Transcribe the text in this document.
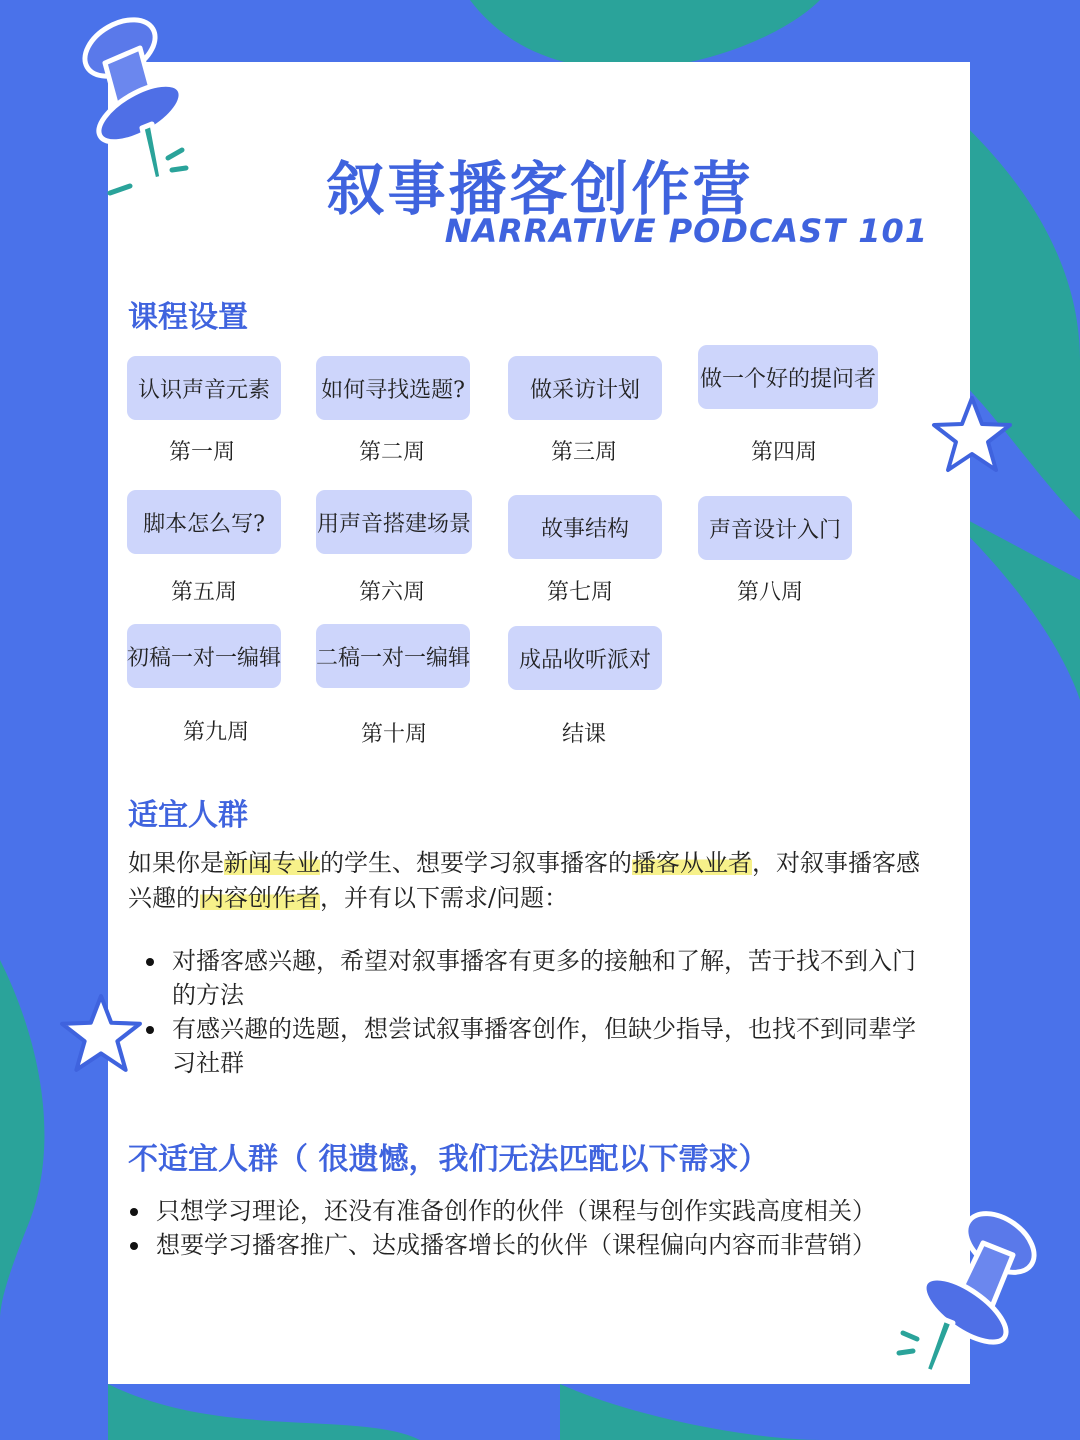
叙事播客创作营
NARRATIVE PODCAST 101
课程设置
认识声音元素
第一周
如何寻找选题?
第二周
做采访计划
第三周
做一个好的提问者
第四周
脚本怎么写?
第五周
用声音搭建场景
第六周
故事结构
第七周
声音设计入门
第八周
初稿一对一编辑
第九周
二稿一对一编辑
第十周
成品收听派对
结课
适宜人群
如果你是新闻专业的学生、想要学习叙事播客的播客从业者，对叙事播客感兴趣的内容创作者，并有以下需求/问题：
对播客感兴趣，希望对叙事播客有更多的接触和了解，苦于找不到入门的方法
有感兴趣的选题，想尝试叙事播客创作，但缺少指导，也找不到同辈学习社群
不适宜人群（ 很遗憾，我们无法匹配以下需求）
只想学习理论，还没有准备创作的伙伴（课程与创作实践高度相关）
想要学习播客推广、达成播客增长的伙伴（课程偏向内容而非营销）
